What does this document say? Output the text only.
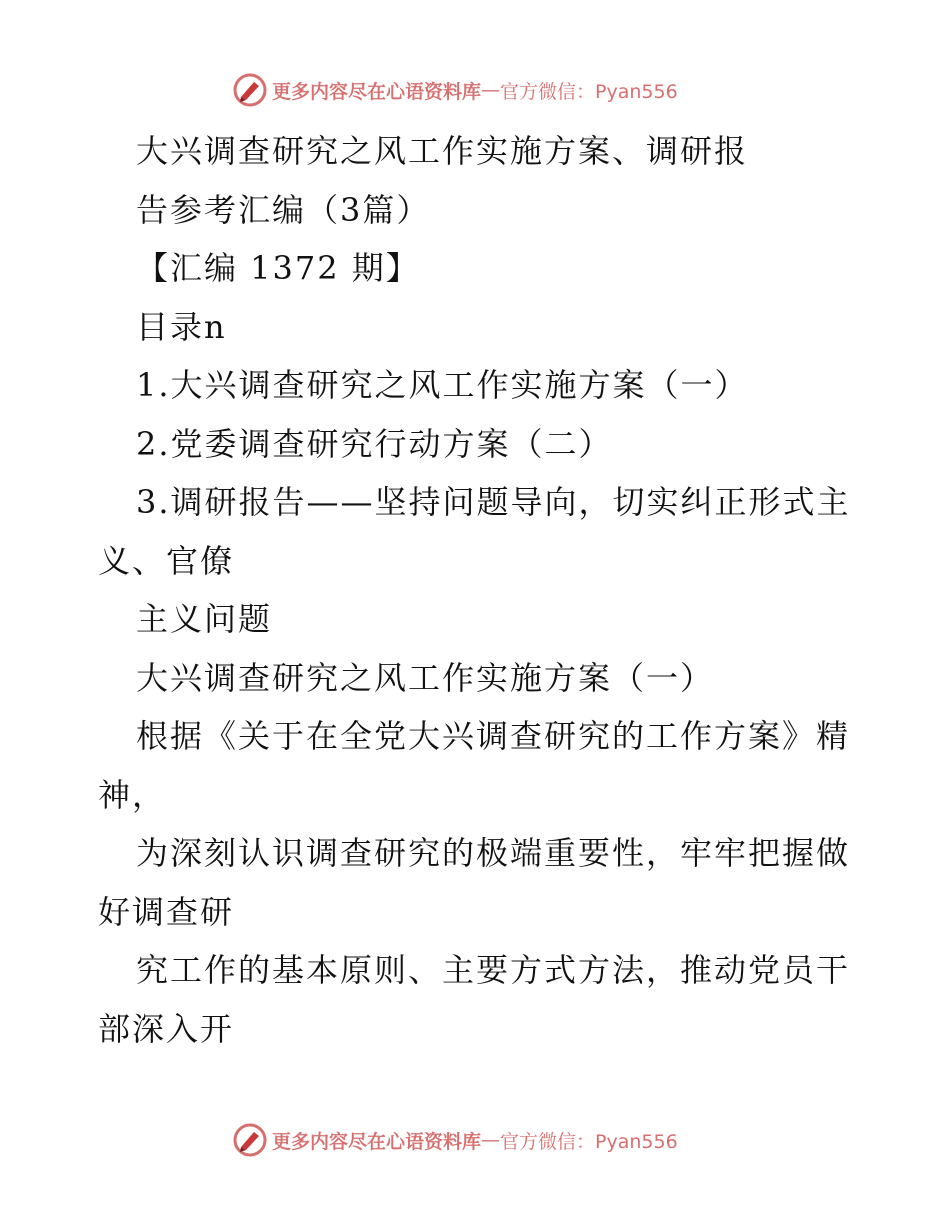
更多内容尽在心语资料库 — 官方微信：Pyan556
大兴调查研究之风工作实施方案、调研报
告参考汇编（3篇）
【汇编 1372 期】
目录n
1.大兴调查研究之风工作实施方案（一）
2.党委调查研究行动方案（二）
3.调研报告——坚持问题导向，切实纠正形式主
义、官僚
主义问题
大兴调查研究之风工作实施方案（一）
根据《关于在全党大兴调查研究的工作方案》精
神，
为深刻认识调查研究的极端重要性，牢牢把握做
好调查研
究工作的基本原则、主要方式方法，推动党员干
部深入开
更多内容尽在心语资料库 — 官方微信：Pyan556
